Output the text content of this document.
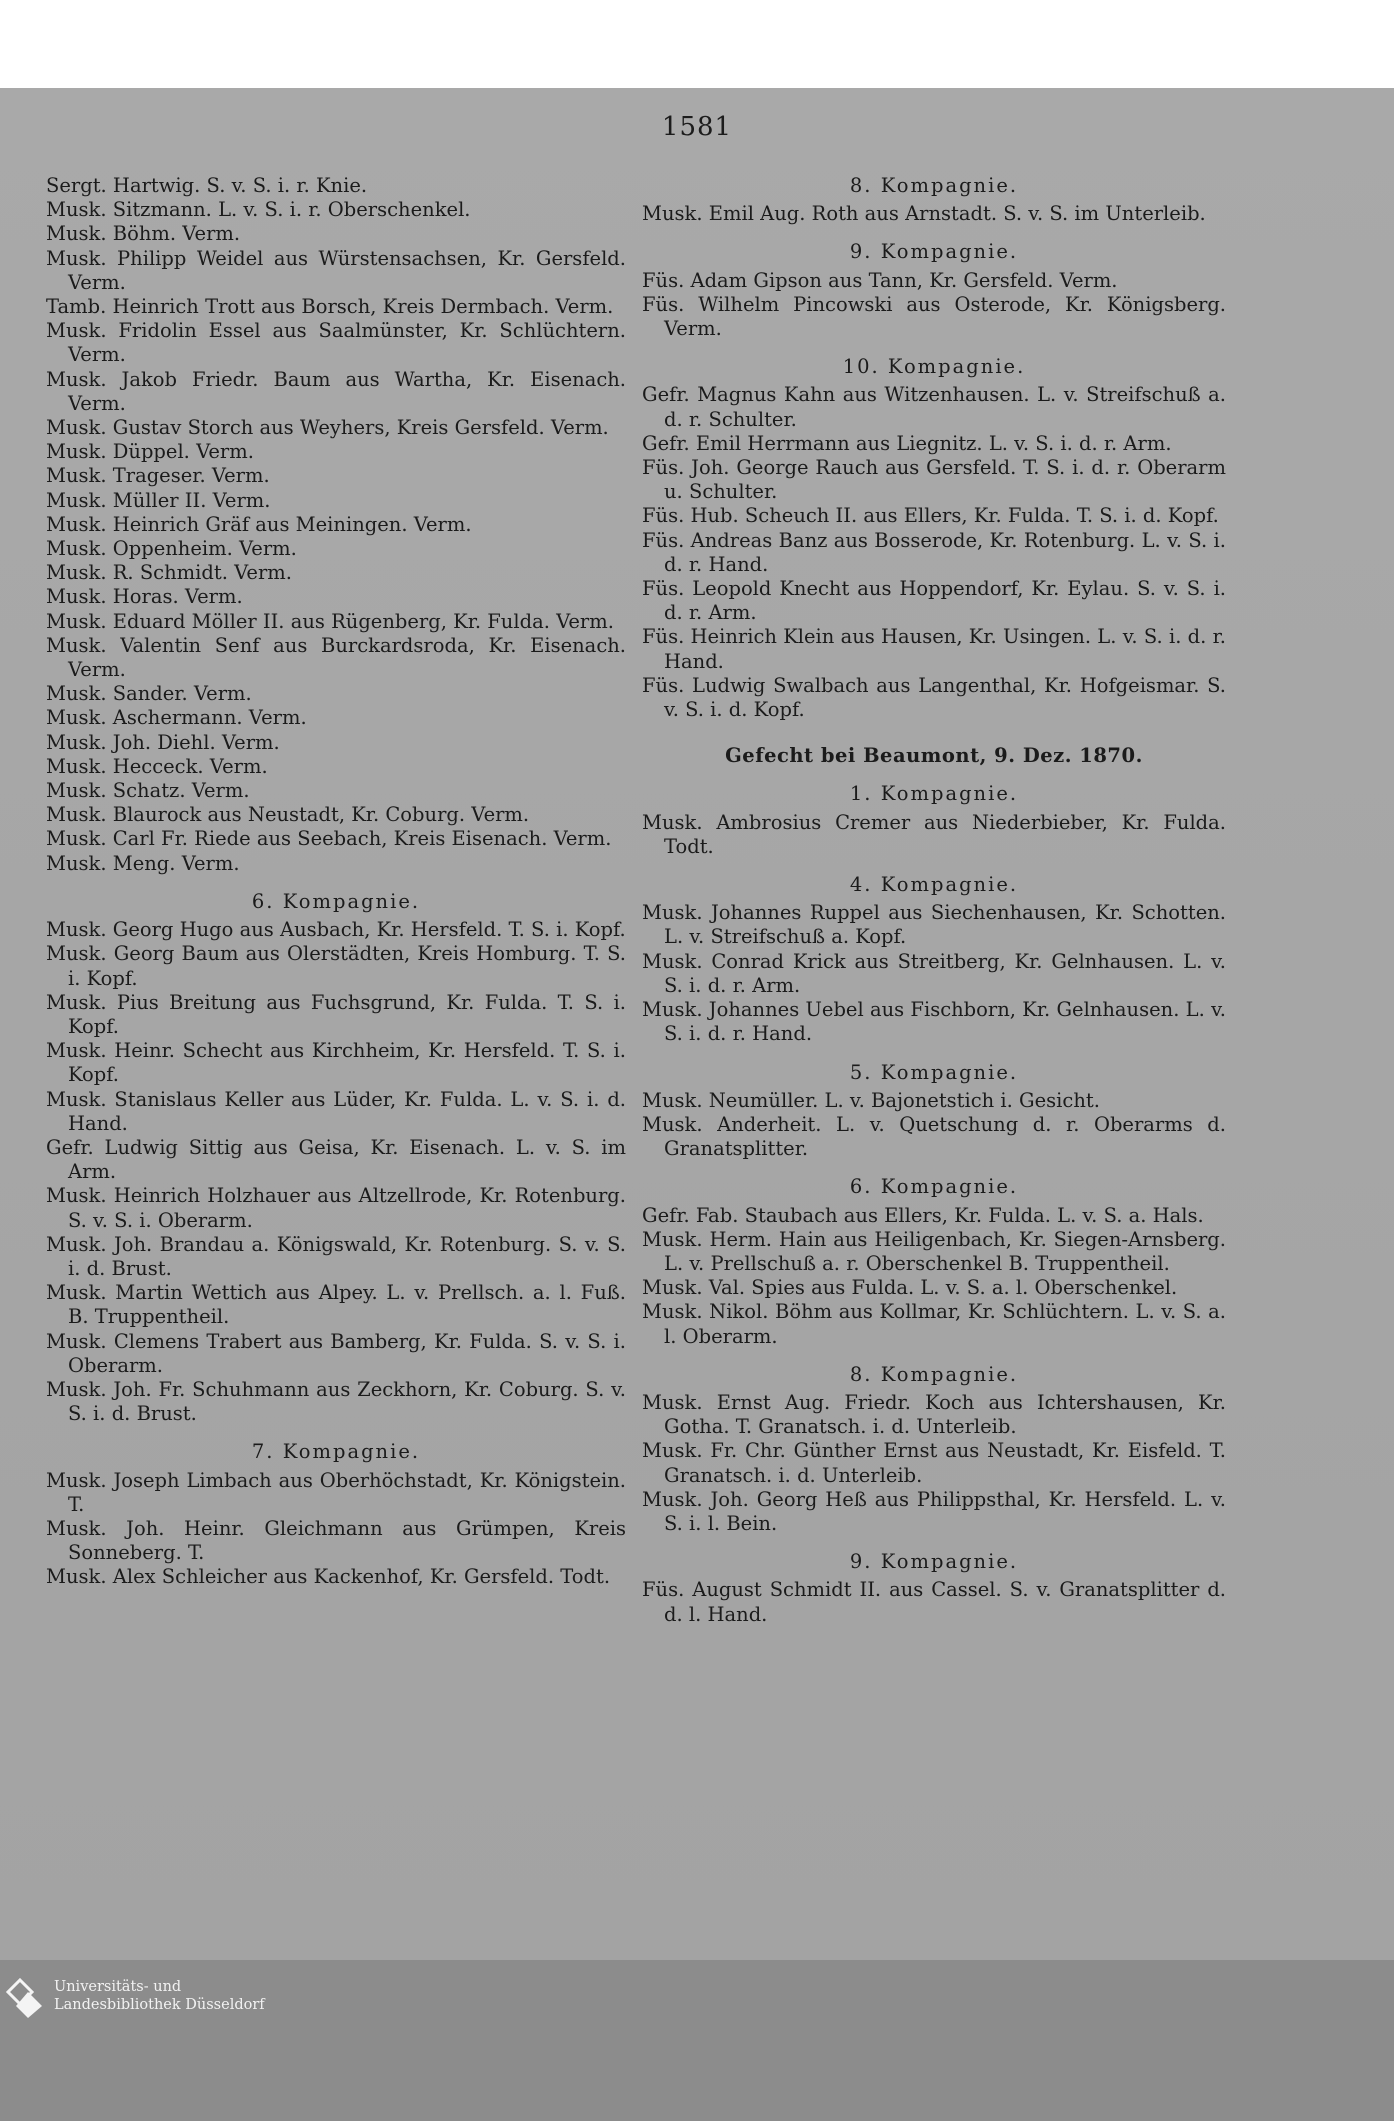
1581
Sergt. Hartwig. S. v. S. i. r. Knie.
Musk. Sitzmann. L. v. S. i. r. Oberschenkel.
Musk. Böhm. Verm.
Musk. Philipp Weidel aus Würstensachsen, Kr. Gersfeld. Verm.
Tamb. Heinrich Trott aus Borsch, Kreis Dermbach. Verm.
Musk. Fridolin Essel aus Saalmünster, Kr. Schlüchtern. Verm.
Musk. Jakob Friedr. Baum aus Wartha, Kr. Eisenach. Verm.
Musk. Gustav Storch aus Weyhers, Kreis Gersfeld. Verm.
Musk. Düppel. Verm.
Musk. Trageser. Verm.
Musk. Müller II. Verm.
Musk. Heinrich Gräf aus Meiningen. Verm.
Musk. Oppenheim. Verm.
Musk. R. Schmidt. Verm.
Musk. Horas. Verm.
Musk. Eduard Möller II. aus Rügenberg, Kr. Fulda. Verm.
Musk. Valentin Senf aus Burckardsroda, Kr. Eisenach. Verm.
Musk. Sander. Verm.
Musk. Aschermann. Verm.
Musk. Joh. Diehl. Verm.
Musk. Hecceck. Verm.
Musk. Schatz. Verm.
Musk. Blaurock aus Neustadt, Kr. Coburg. Verm.
Musk. Carl Fr. Riede aus Seebach, Kreis Eisenach. Verm.
Musk. Meng. Verm.
6. Kompagnie.
Musk. Georg Hugo aus Ausbach, Kr. Hersfeld. T. S. i. Kopf.
Musk. Georg Baum aus Olerstädten, Kreis Homburg. T. S. i. Kopf.
Musk. Pius Breitung aus Fuchsgrund, Kr. Fulda. T. S. i. Kopf.
Musk. Heinr. Schecht aus Kirchheim, Kr. Hersfeld. T. S. i. Kopf.
Musk. Stanislaus Keller aus Lüder, Kr. Fulda. L. v. S. i. d. Hand.
Gefr. Ludwig Sittig aus Geisa, Kr. Eisenach. L. v. S. im Arm.
Musk. Heinrich Holzhauer aus Altzellrode, Kr. Rotenburg. S. v. S. i. Oberarm.
Musk. Joh. Brandau a. Königswald, Kr. Rotenburg. S. v. S. i. d. Brust.
Musk. Martin Wettich aus Alpey. L. v. Prellsch. a. l. Fuß. B. Truppentheil.
Musk. Clemens Trabert aus Bamberg, Kr. Fulda. S. v. S. i. Oberarm.
Musk. Joh. Fr. Schuhmann aus Zeckhorn, Kr. Coburg. S. v. S. i. d. Brust.
7. Kompagnie.
Musk. Joseph Limbach aus Oberhöchstadt, Kr. Königstein. T.
Musk. Joh. Heinr. Gleichmann aus Grümpen, Kreis Sonneberg. T.
Musk. Alex Schleicher aus Kackenhof, Kr. Gersfeld. Todt.
8. Kompagnie.
Musk. Emil Aug. Roth aus Arnstadt. S. v. S. im Unterleib.
9. Kompagnie.
Füs. Adam Gipson aus Tann, Kr. Gersfeld. Verm.
Füs. Wilhelm Pincowski aus Osterode, Kr. Königsberg. Verm.
10. Kompagnie.
Gefr. Magnus Kahn aus Witzenhausen. L. v. Streifschuß a. d. r. Schulter.
Gefr. Emil Herrmann aus Liegnitz. L. v. S. i. d. r. Arm.
Füs. Joh. George Rauch aus Gersfeld. T. S. i. d. r. Oberarm u. Schulter.
Füs. Hub. Scheuch II. aus Ellers, Kr. Fulda. T. S. i. d. Kopf.
Füs. Andreas Banz aus Bosserode, Kr. Rotenburg. L. v. S. i. d. r. Hand.
Füs. Leopold Knecht aus Hoppendorf, Kr. Eylau. S. v. S. i. d. r. Arm.
Füs. Heinrich Klein aus Hausen, Kr. Usingen. L. v. S. i. d. r. Hand.
Füs. Ludwig Swalbach aus Langenthal, Kr. Hofgeismar. S. v. S. i. d. Kopf.
Gefecht bei Beaumont, 9. Dez. 1870.
1. Kompagnie.
Musk. Ambrosius Cremer aus Niederbieber, Kr. Fulda. Todt.
4. Kompagnie.
Musk. Johannes Ruppel aus Siechenhausen, Kr. Schotten. L. v. Streifschuß a. Kopf.
Musk. Conrad Krick aus Streitberg, Kr. Gelnhausen. L. v. S. i. d. r. Arm.
Musk. Johannes Uebel aus Fischborn, Kr. Gelnhausen. L. v. S. i. d. r. Hand.
5. Kompagnie.
Musk. Neumüller. L. v. Bajonetstich i. Gesicht.
Musk. Anderheit. L. v. Quetschung d. r. Oberarms d. Granatsplitter.
6. Kompagnie.
Gefr. Fab. Staubach aus Ellers, Kr. Fulda. L. v. S. a. Hals.
Musk. Herm. Hain aus Heiligenbach, Kr. Siegen-Arnsberg. L. v. Prellschuß a. r. Oberschenkel B. Truppentheil.
Musk. Val. Spies aus Fulda. L. v. S. a. l. Oberschenkel.
Musk. Nikol. Böhm aus Kollmar, Kr. Schlüchtern. L. v. S. a. l. Oberarm.
8. Kompagnie.
Musk. Ernst Aug. Friedr. Koch aus Ichtershausen, Kr. Gotha. T. Granatsch. i. d. Unterleib.
Musk. Fr. Chr. Günther Ernst aus Neustadt, Kr. Eisfeld. T. Granatsch. i. d. Unterleib.
Musk. Joh. Georg Heß aus Philippsthal, Kr. Hersfeld. L. v. S. i. l. Bein.
9. Kompagnie.
Füs. August Schmidt II. aus Cassel. S. v. Granatsplitter d. d. l. Hand.
Universitäts- und
Landesbibliothek Düsseldorf
